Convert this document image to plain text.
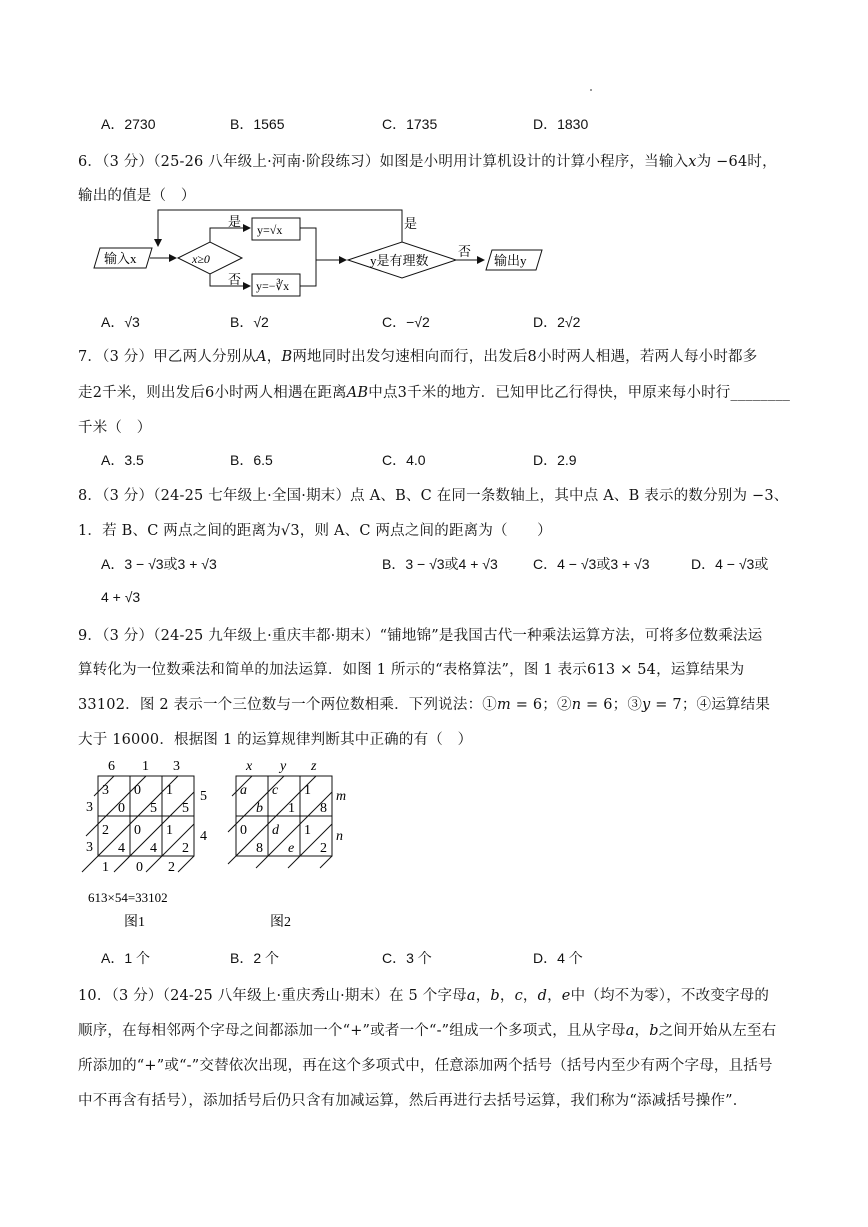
A．2730	B．1565	C．1735	D．1830
6．（3 分）（25-26 八年级上·河南·阶段练习）如图是小明用计算机设计的计算小程序，当输入𝑥为 −64时，
输出的值是（　）
输入x	x≥0
是
否
y=√x
y=−∛x
是
y是有理数
否
输出y
A．√3	B．√2	C．−√2	D．2√2
7．（3 分）甲乙两人分别从𝐴，𝐵两地同时出发匀速相向而行，出发后8小时两人相遇，若两人每小时都多
走2千米，则出发后6小时两人相遇在距离𝐴𝐵中点3千米的地方．已知甲比乙行得快，甲原来每小时行________
千米（　）
A．3.5	B．6.5	C．4.0	D．2.9
8．（3 分）（24-25 七年级上·全国·期末）点 A、B、C 在同一条数轴上，其中点 A、B 表示的数分别为 −3、
1．若 B、C 两点之间的距离为√3，则 A、C 两点之间的距离为（　　）
A．3 − √3或3 + √3	B．3 − √3或4 + √3	C．4 − √3或3 + √3	D．4 − √3或
4 + √3
9．（3 分）（24-25 九年级上·重庆丰都·期末）“铺地锦”是我国古代一种乘法运算方法，可将多位数乘法运
算转化为一位数乘法和简单的加法运算．如图 1 所示的“表格算法”，图 1 表示613 × 54，运算结果为
33102．图 2 表示一个三位数与一个两位数相乘．下列说法：①𝑚 = 6；②𝑛 = 6；③𝑦 = 7；④运算结果
大于 16000．根据图 1 的运算规律判断其中正确的有（　）
6 1 3
5
4
3
3
3
0
0
5
1
5
2
4
0
4
1
2
1 0 2
613×54=33102
图1
x y z
m
n
a
b
c
1
1
8
0
8
d
e
1
2
图2
A．1 个	B．2 个	C．3 个	D．4 个
10．（3 分）（24-25 八年级上·重庆秀山·期末）在 5 个字母𝑎，𝑏，𝑐，𝑑，𝑒中（均不为零），不改变字母的
顺序，在每相邻两个字母之间都添加一个“+”或者一个“-”组成一个多项式，且从字母𝑎，𝑏之间开始从左至右
所添加的“+”或“-”交替依次出现，再在这个多项式中，任意添加两个括号（括号内至少有两个字母，且括号
中不再含有括号），添加括号后仍只含有加减运算，然后再进行去括号运算，我们称为“添减括号操作”．
